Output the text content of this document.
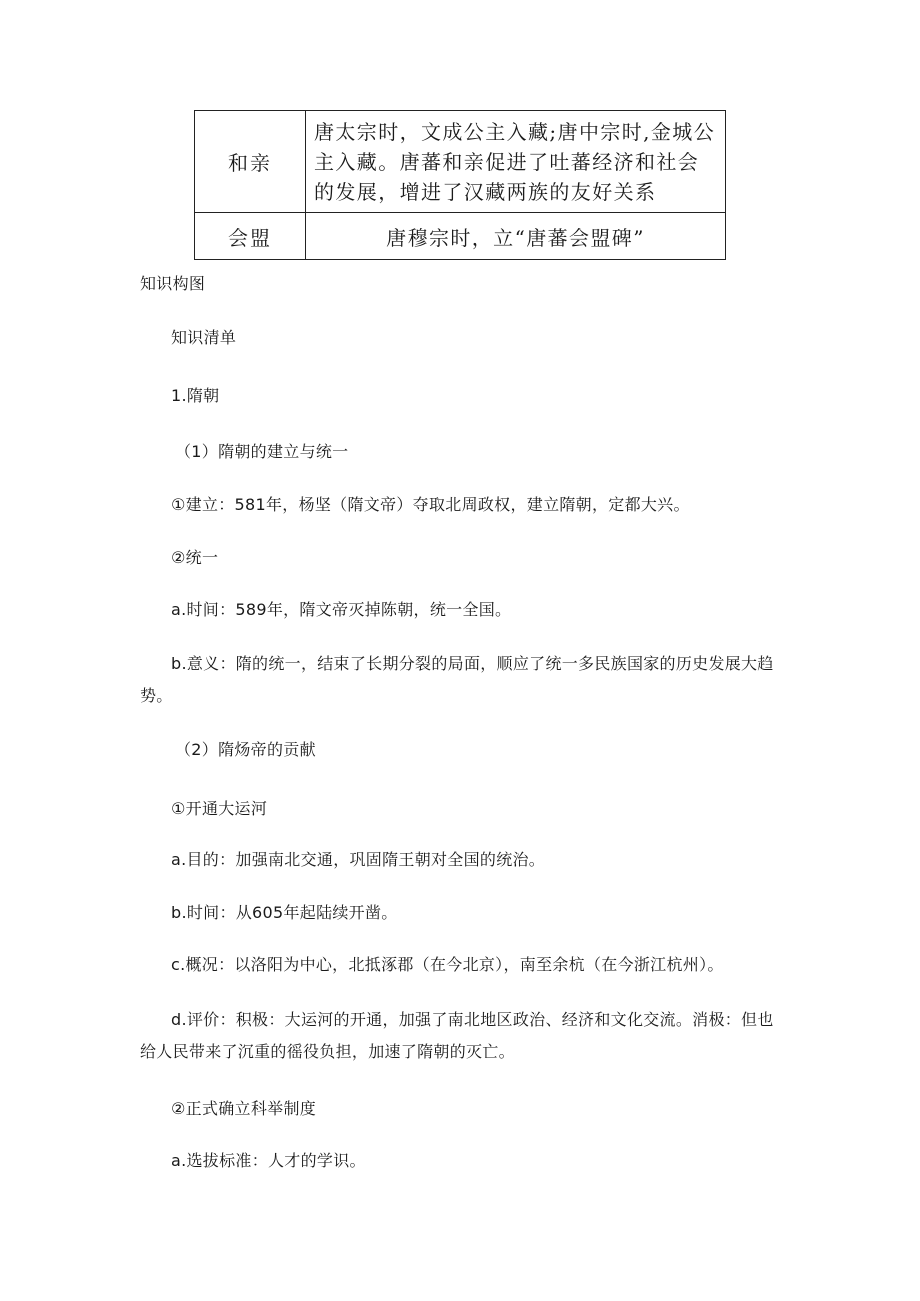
和亲
唐太宗时，文成公主入藏;唐中宗时,金城公主入藏。唐蕃和亲促进了吐蕃经济和社会的发展，增进了汉藏两族的友好关系
会盟	唐穆宗时，立“唐蕃会盟碑”
知识构图
知识清单
1.隋朝
（1）隋朝的建立与统一
①建立：581年，杨坚（隋文帝）夺取北周政权，建立隋朝，定都大兴。
②统一
a.时间：589年，隋文帝灭掉陈朝，统一全国。
b.意义：隋的统一，结束了长期分裂的局面，顺应了统一多民族国家的历史发展大趋势。
（2）隋炀帝的贡献
①开通大运河
a.目的：加强南北交通，巩固隋王朝对全国的统治。
b.时间：从605年起陆续开凿。
c.概况：以洛阳为中心，北抵涿郡（在今北京），南至余杭（在今浙江杭州）。
d.评价：积极：大运河的开通，加强了南北地区政治、经济和文化交流。消极：但也给人民带来了沉重的徭役负担，加速了隋朝的灭亡。
②正式确立科举制度
a.选拔标准：人才的学识。
